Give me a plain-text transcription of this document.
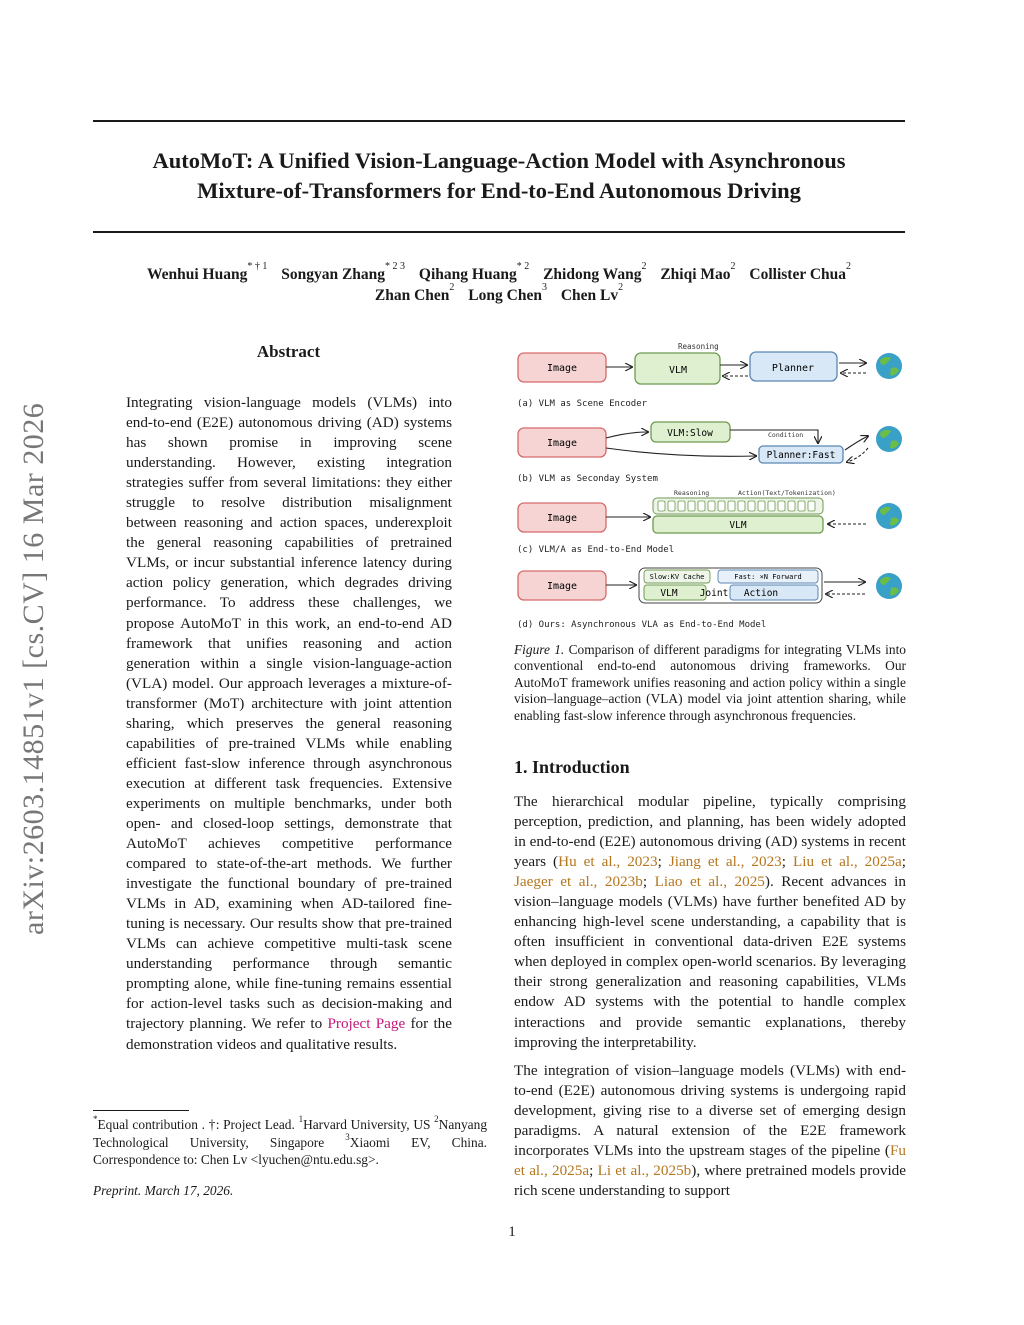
arXiv:2603.14851v1 [cs.CV] 16 Mar 2026
AutoMoT: A Unified Vision-Language-Action Model with Asynchronous
Mixture-of-Transformers for End-to-End Autonomous Driving
Wenhui Huang$^{* \dagger 1}$ Songyan Zhang$^{* 2 3}$ Qihang Huang$^{* 2}$ Zhidong Wang$^2$ Zhiqi Mao$^2$ Collister Chua$^2$
Zhan Chen$^2$ Long Chen$^3$ Chen Lv$^2$
Abstract
Integrating vision-language models (VLMs) into end-to-end (E2E) autonomous driving (AD) systems has shown promise in improving scene understanding. However, existing integration strategies suffer from several limitations: they either struggle to resolve distribution misalignment between reasoning and action spaces, underexploit the general reasoning capabilities of pretrained VLMs, or incur substantial inference latency during action policy generation, which degrades driving performance. To address these challenges, we propose AutoMoT in this work, an end-to-end AD framework that unifies reasoning and action generation within a single vision-language-action (VLA) model. Our approach leverages a mixture-of-transformer (MoT) architecture with joint attention sharing, which preserves the general reasoning capabilities of pre-trained VLMs while enabling efficient fast-slow inference through asynchronous execution at different task frequencies. Extensive experiments on multiple benchmarks, under both open- and closed-loop settings, demonstrate that AutoMoT achieves competitive performance compared to state-of-the-art methods. We further investigate the functional boundary of pre-trained VLMs in AD, examining when AD-tailored fine-tuning is necessary. Our results show that pre-trained VLMs can achieve competitive multi-task scene understanding performance through semantic prompting alone, while fine-tuning remains essential for action-level tasks such as decision-making and trajectory planning. We refer to Project Page for the demonstration videos and qualitative results.
*Equal contribution . †: Project Lead. $^1$Harvard University, US $^2$Nanyang Technological University, Singapore $^3$Xiaomi EV, China. Correspondence to: Chen Lv <lyuchen@ntu.edu.sg>.
Preprint. March 17, 2026.
1
Reasoning
Image	VLM	Planner
(a) VLM as Scene Encoder
Image
VLM:Slow	Condition
Planner:Fast
(b) VLM as Seconday System
Reasoning	Action(Text/Tokenization)
Image
VLM
(c) VLM/A as End-to-End Model
Image
Slow:KV Cache	Fast: ×N Forward
VLM Joint Action
(d) Ours: Asynchronous VLA as End-to-End Model
Figure 1. Comparison of different paradigms for integrating VLMs into conventional end-to-end autonomous driving frameworks. Our AutoMoT framework unifies reasoning and action policy within a single vision–language–action (VLA) model via joint attention sharing, while enabling fast-slow inference through asynchronous frequencies.
1. Introduction
The hierarchical modular pipeline, typically comprising perception, prediction, and planning, has been widely adopted in end-to-end (E2E) autonomous driving (AD) systems in recent years (Hu et al., 2023; Jiang et al., 2023; Liu et al., 2025a; Jaeger et al., 2023b; Liao et al., 2025). Recent advances in vision–language models (VLMs) have further benefited AD by enhancing high-level scene understanding, a capability that is often insufficient in conventional data-driven E2E systems when deployed in complex open-world scenarios. By leveraging their strong generalization and reasoning capabilities, VLMs endow AD systems with the potential to handle complex interactions and provide semantic explanations, thereby improving the interpretability.
The integration of vision–language models (VLMs) with end-to-end (E2E) autonomous driving systems is undergoing rapid development, giving rise to a diverse set of emerging design paradigms. A natural extension of the E2E framework incorporates VLMs into the upstream stages of the pipeline (Fu et al., 2025a; Li et al., 2025b), where pretrained models provide rich scene understanding to support
